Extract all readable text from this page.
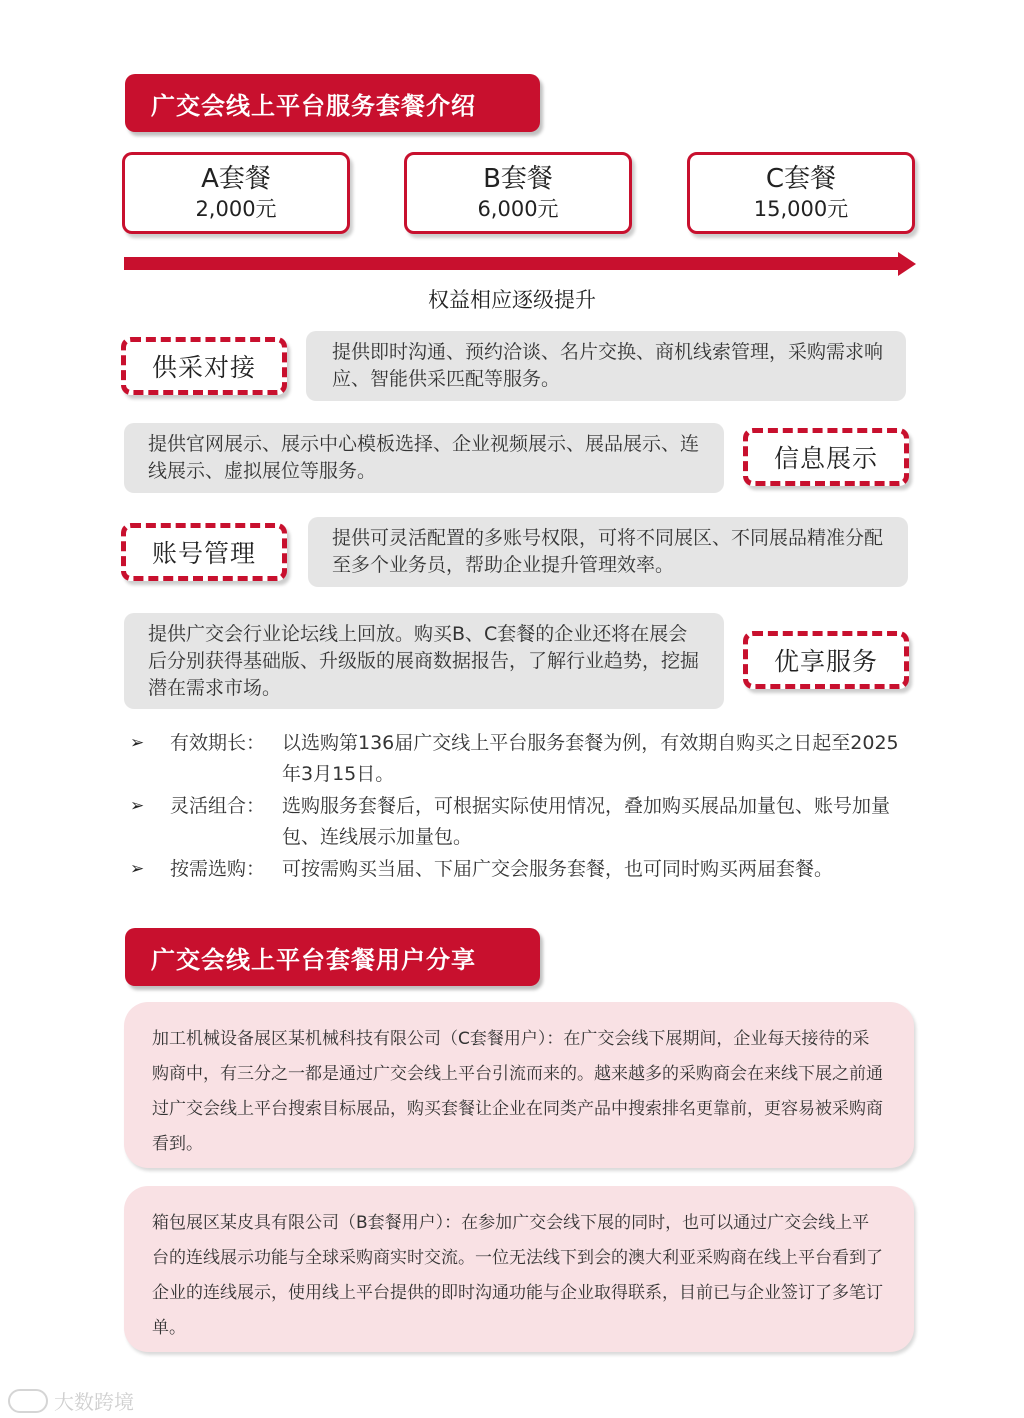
广交会线上平台服务套餐介绍
A套餐
2,000元
B套餐
6,000元
C套餐
15,000元
权益相应逐级提升
提供即时沟通、预约洽谈、名片交换、商机线索管理，采购需求响应、智能供采匹配等服务。
供采对接
提供官网展示、展示中心模板选择、企业视频展示、展品展示、连线展示、虚拟展位等服务。	信息展示
提供可灵活配置的多账号权限，可将不同展区、不同展品精准分配至多个业务员，帮助企业提升管理效率。
账号管理
提供广交会行业论坛线上回放。购买B、C套餐的企业还将在展会后分别获得基础版、升级版的展商数据报告，了解行业趋势，挖掘潜在需求市场。
优享服务
➢	有效期长： 以选购第136届广交线上平台服务套餐为例，有效期自购买之日起至2025年3月15日。
➢	灵活组合： 选购服务套餐后，可根据实际使用情况，叠加购买展品加量包、账号加量包、连线展示加量包。
➢	按需选购： 可按需购买当届、下届广交会服务套餐，也可同时购买两届套餐。
广交会线上平台套餐用户分享
加工机械设备展区某机械科技有限公司（C套餐用户）：在广交会线下展期间，企业每天接待的采购商中，有三分之一都是通过广交会线上平台引流而来的。越来越多的采购商会在来线下展之前通过广交会线上平台搜索目标展品，购买套餐让企业在同类产品中搜索排名更靠前，更容易被采购商看到。
箱包展区某皮具有限公司（B套餐用户）：在参加广交会线下展的同时，也可以通过广交会线上平台的连线展示功能与全球采购商实时交流。一位无法线下到会的澳大利亚采购商在线上平台看到了企业的连线展示，使用线上平台提供的即时沟通功能与企业取得联系，目前已与企业签订了多笔订单。
大数跨境
